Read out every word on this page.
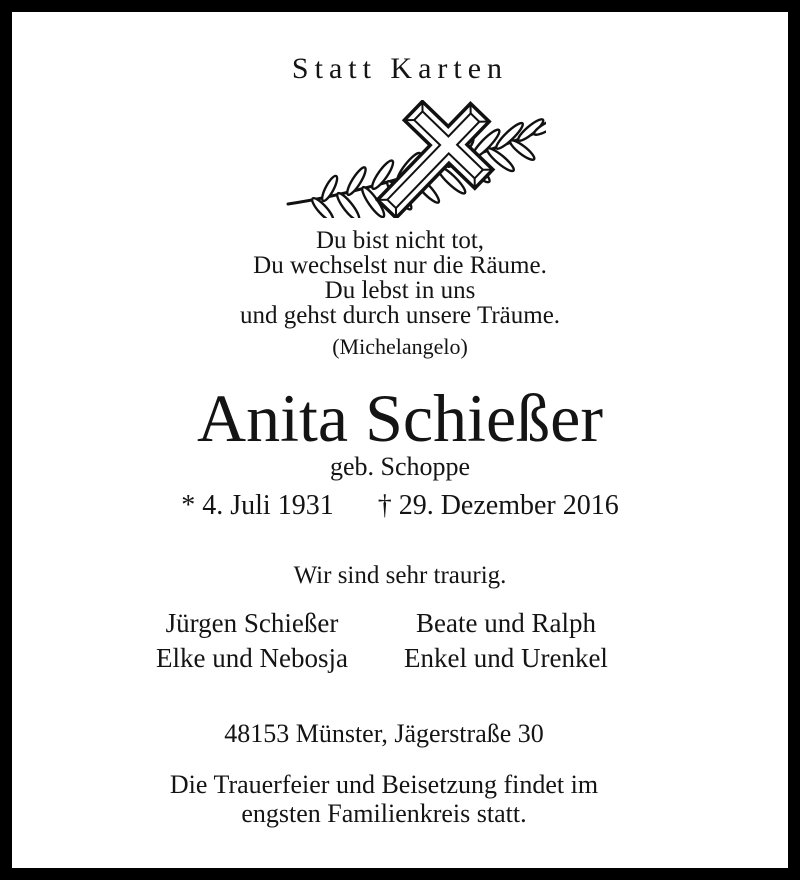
Statt Karten
Du bist nicht tot,
Du wechselst nur die Räume.
Du lebst in uns
und gehst durch unsere Träume.
(Michelangelo)
Anita Schießer
geb. Schoppe
* 4. Juli 1931 † 29. Dezember 2016
Wir sind sehr traurig.
Jürgen Schießer
Elke und Nebosja
Beate und Ralph
Enkel und Urenkel
48153 Münster, Jägerstraße 30
Die Trauerfeier und Beisetzung findet im
engsten Familienkreis statt.
